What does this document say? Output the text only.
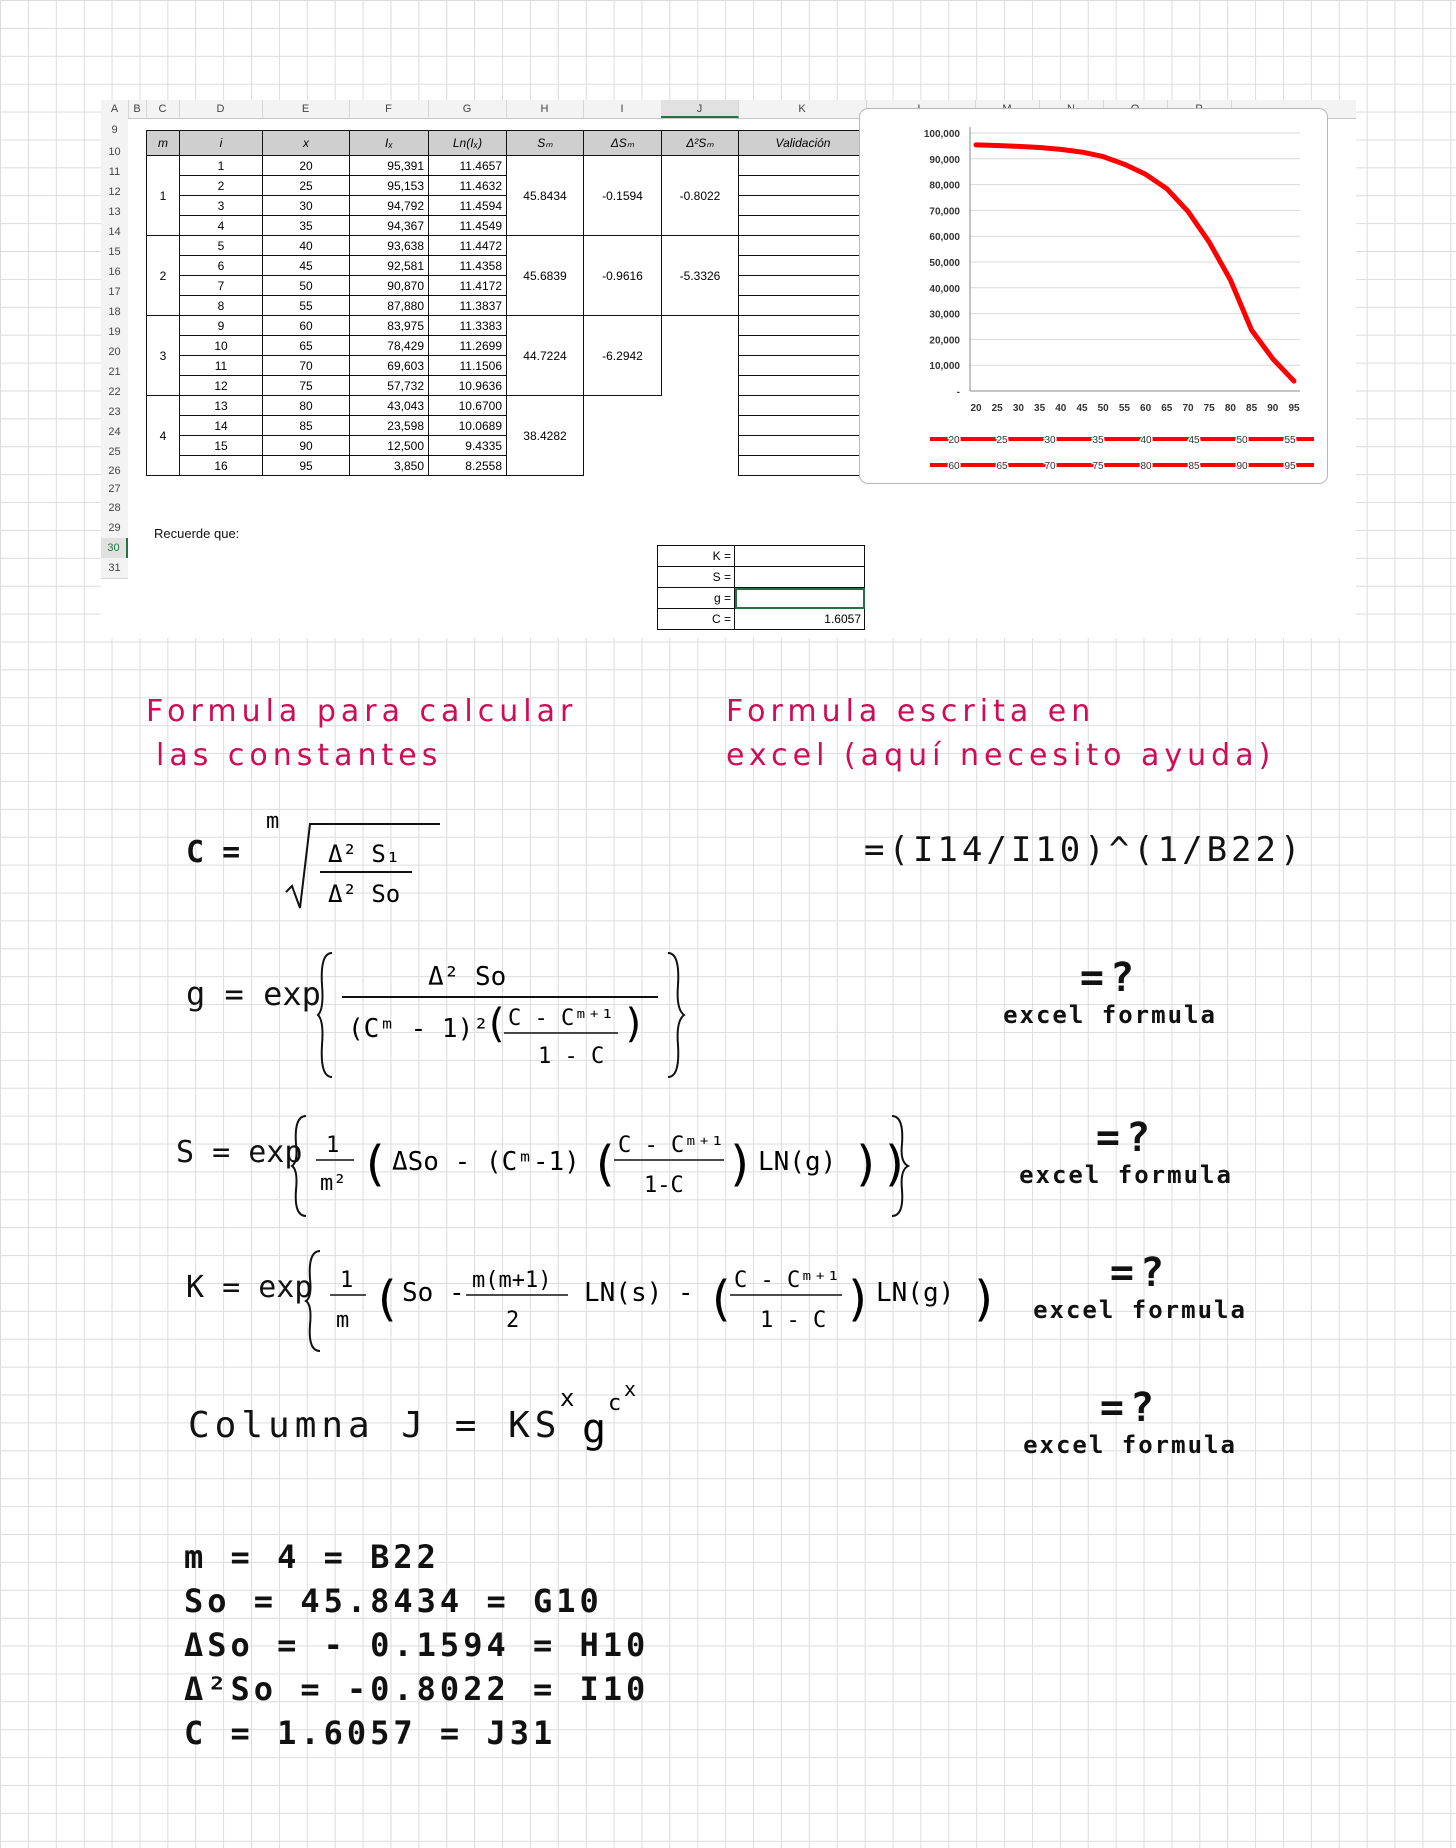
A	B	C	D	E	F	G	H	I	J	K
9
10
11
12
13
14
15
16
17
18
19
20
21
22
23
24
25
26
27
28
29
30
31
m	i	x	Iₓ	Ln(Iₓ)	Sₘ	ΔSₘ	Δ²Sₘ	Validación
1	1	20	95,391	11.4657	45.8434	-0.1594	-0.8022	
	2	25	95,153	11.4632				
	3	30	94,792	11.4594				
	4	35	94,367	11.4549				
2	5	40	93,638	11.4472	45.6839	-0.9616	-5.3326	
	6	45	92,581	11.4358				
	7	50	90,870	11.4172				
	8	55	87,880	11.3837				
3	9	60	83,975	11.3383	44.7224	-6.2942		
	10	65	78,429	11.2699				
	11	70	69,603	11.1506				
	12	75	57,732	10.9636				
4	13	80	43,043	10.6700	38.4282			
	14	85	23,598	10.0689				
	15	90	12,500	9.4335				
	16	95	3,850	8.2558				
Recuerde que:
K =	
S =	
g =	
C =	1.6057
100,000
90,000
80,000
70,000
60,000
50,000
40,000
30,000
20,000
10,000
-
20 25 30 35 40 45 50 55 60 65 70 75 80 85 90 95
20	25	30	35	40	45	50	55
60	65	70	75	80	85	90	95
Formula para calcular
las constantes
Formula escrita en
excel (aquí necesito ayuda)
C =
m
Δ² S₁
Δ² So
=(I14/I10)^(1/B22)
g = exp	Δ² So
(Cᵐ - 1)²
( C - Cᵐ⁺¹
1 - C
)
S = exp 1
m² ( ΔSo - (Cᵐ-1) ( C - Cᵐ⁺¹
1-C ) LN(g) ))
K = exp 1
m ( So - m(m+1)
2
LN(s) - ( C - Cᵐ⁺¹
1 - C ) LN(g) )
Columna J = KS
x
g
c
x
=?
excel formula
=?
excel formula
=?
excel formula
=?
excel formula
m = 4 = B22
So = 45.8434 = G10
ΔSo = - 0.1594 = H10
Δ²So = -0.8022 = I10
C = 1.6057 = J31
